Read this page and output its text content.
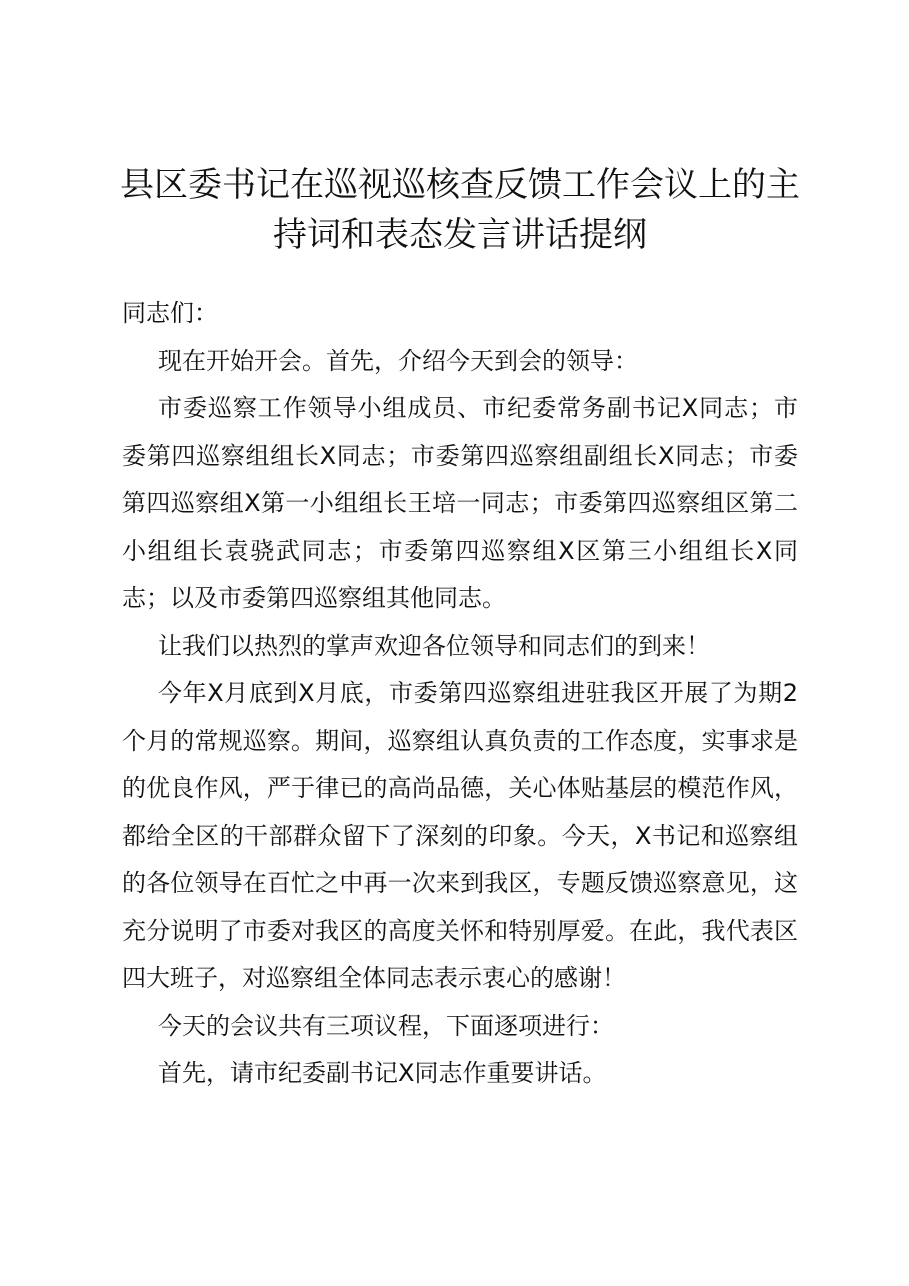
县区委书记在巡视巡核查反馈工作会议上的主持词和表态发言讲话提纲

同志们：

现在开始开会。首先，介绍今天到会的领导：

市委巡察工作领导小组成员、市纪委常务副书记X同志；市委第四巡察组组长X同志；市委第四巡察组副组长X同志；市委第四巡察组X第一小组组长王培一同志；市委第四巡察组区第二小组组长袁骁武同志；市委第四巡察组X区第三小组组长X同志；以及市委第四巡察组其他同志。

让我们以热烈的掌声欢迎各位领导和同志们的到来！

今年X月底到X月底，市委第四巡察组进驻我区开展了为期2个月的常规巡察。期间，巡察组认真负责的工作态度，实事求是的优良作风，严于律已的高尚品德，关心体贴基层的模范作风，都给全区的干部群众留下了深刻的印象。今天，X书记和巡察组的各位领导在百忙之中再一次来到我区，专题反馈巡察意见，这充分说明了市委对我区的高度关怀和特别厚爱。在此，我代表区四大班子，对巡察组全体同志表示衷心的感谢！

今天的会议共有三项议程，下面逐项进行：

首先，请市纪委副书记X同志作重要讲话。
